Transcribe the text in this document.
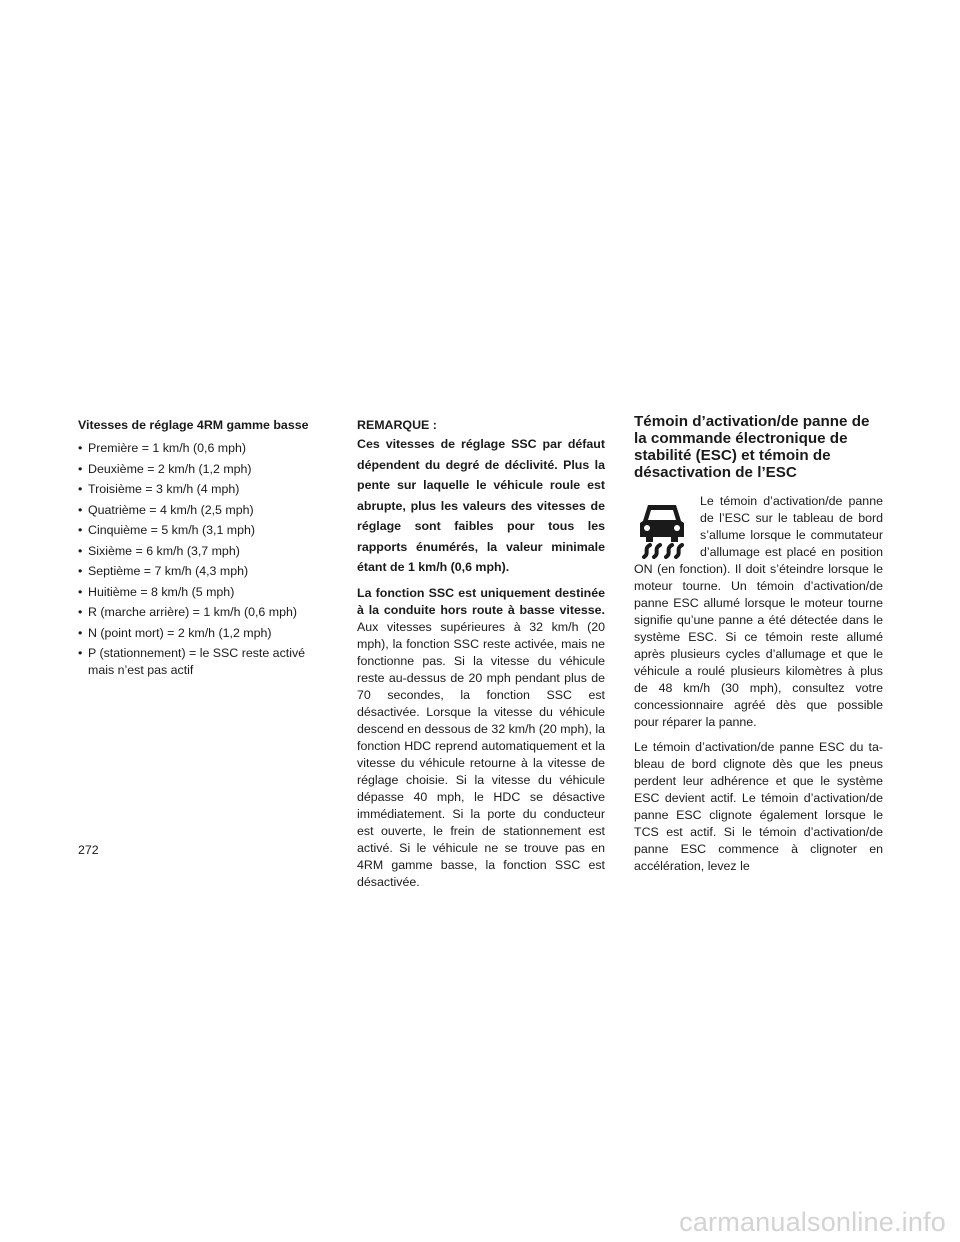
Vitesses de réglage 4RM gamme basse
• Première = 1 km/h (0,6 mph)
• Deuxième = 2 km/h (1,2 mph)
• Troisième = 3 km/h (4 mph)
• Quatrième = 4 km/h (2,5 mph)
• Cinquième = 5 km/h (3,1 mph)
• Sixième = 6 km/h (3,7 mph)
• Septième = 7 km/h (4,3 mph)
• Huitième = 8 km/h (5 mph)
• R (marche arrière) = 1 km/h (0,6 mph)
• N (point mort) = 2 km/h (1,2 mph)
• P (stationnement) = le SSC reste activé mais n’est pas actif
REMARQUE :
Ces vitesses de réglage SSC par défaut dépendent du degré de déclivité. Plus la pente sur laquelle le véhicule roule est abrupte, plus les valeurs des vitesses de réglage sont faibles pour tous les rapports énumérés, la valeur minimale étant de 1 km/h (0,6 mph).

La fonction SSC est uniquement destinée à la conduite hors route à basse vitesse. Aux vitesses supérieures à 32 km/h (20 mph), la fonction SSC reste activée, mais ne fonctionne pas. Si la vitesse du véhicule reste au-dessus de 20 mph pendant plus de 70 secondes, la fonction SSC est désactivée. Lorsque la vitesse du véhicule descend en dessous de 32 km/h (20 mph), la fonction HDC reprend automatiquement et la vitesse du véhicule retourne à la vitesse de réglage choisie. Si la vitesse du véhicule dépasse 40 mph, le HDC se désactive immédiatement. Si la porte du conducteur est ouverte, le frein de stationnement est activé. Si le véhicule ne se trouve pas en 4RM gamme basse, la fonction SSC est désactivée.

Témoin d’activation/de panne de la commande électronique de stabilité (ESC) et témoin de désactivation de l’ESC

Le témoin d’activation/de panne de l’ESC sur le tableau de bord s’allume lorsque le commutateur d’allumage est placé en position ON (en fonction). Il doit s’éteindre lorsque le moteur tourne. Un témoin d’activation/de panne ESC allumé lorsque le moteur tourne signifie qu’une panne a été détectée dans le système ESC. Si ce témoin reste allumé après plusieurs cycles d’allumage et que le véhicule a roulé plusieurs kilomètres à plus de 48 km/h (30 mph), consultez votre concessionnaire agréé dès que possible pour réparer la panne.

Le témoin d’activation/de panne ESC du tableau de bord clignote dès que les pneus perdent leur adhérence et que le système ESC devient actif. Le témoin d’activation/de panne ESC clignote également lorsque le TCS est actif. Si le témoin d’activation/de panne ESC commence à clignoter en accélération, levez le

272
carmanualsonline.info
